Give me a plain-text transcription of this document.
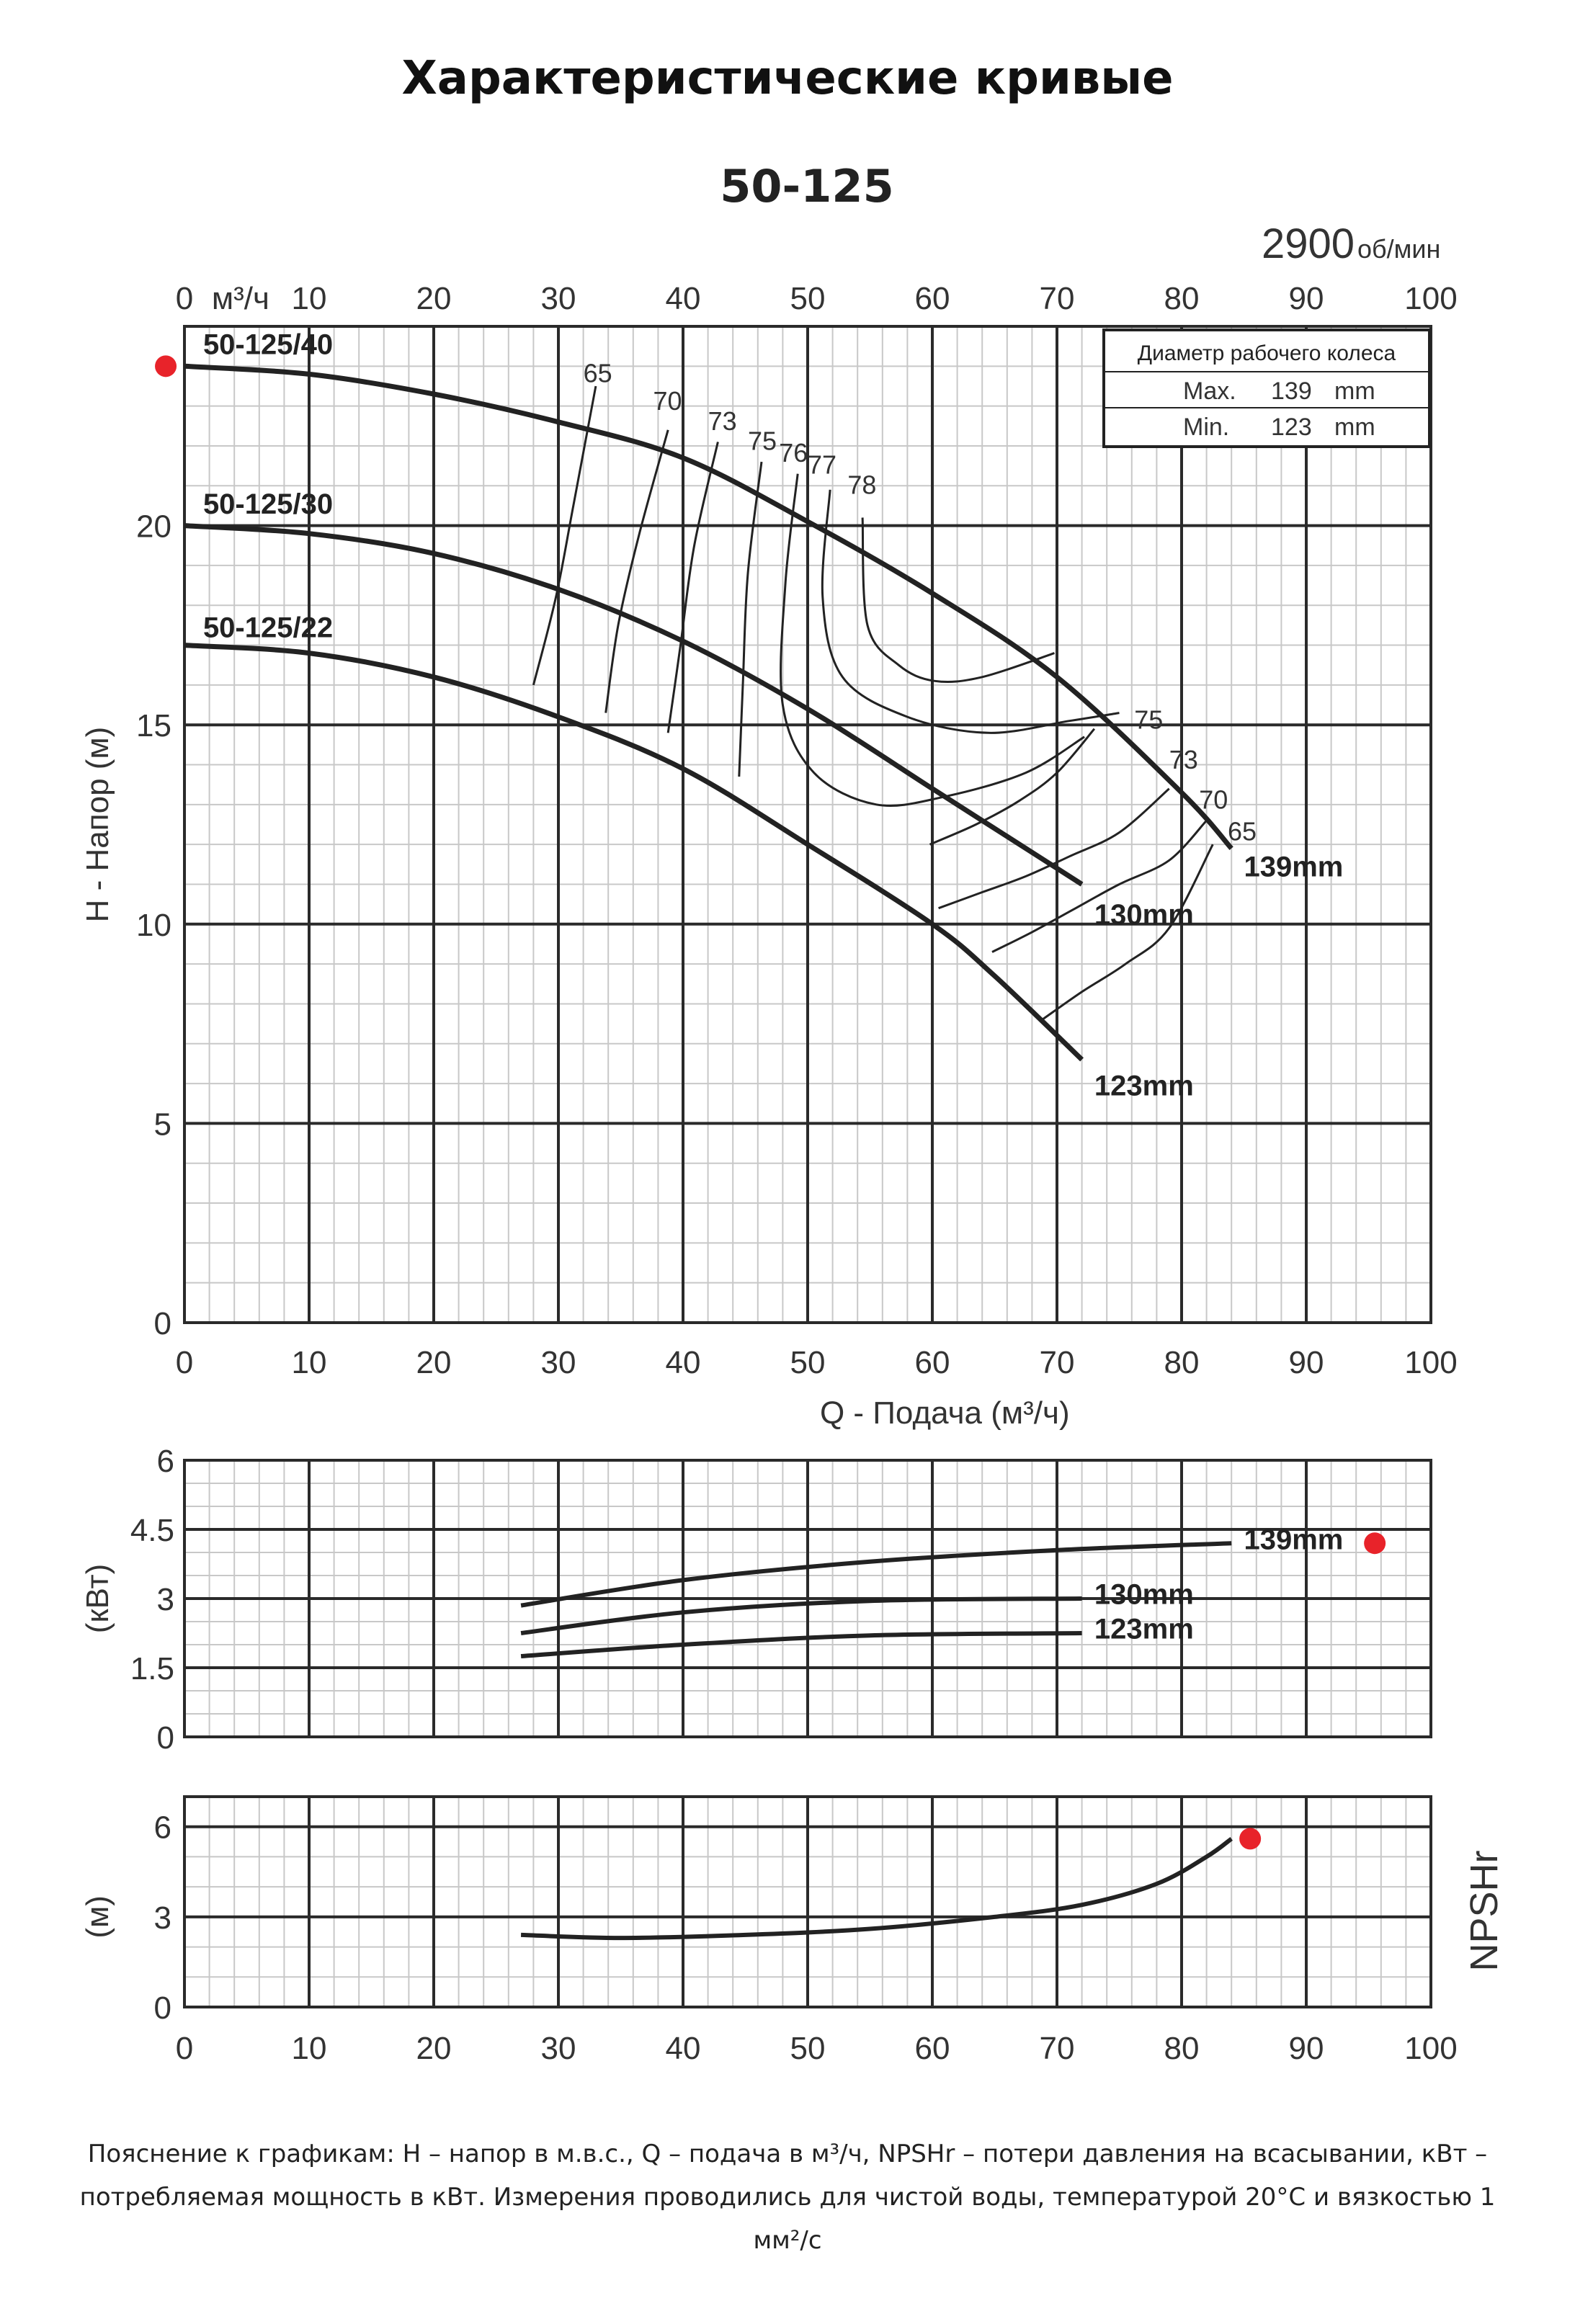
Характеристические кривые
0	10	20	30	40	50	60	70	80	90	100
0	10	20	30	40	50	60	70	80	90	100
м³/ч
0
5
10
15
20
Q - Подача (м³/ч)
H - Напор (м)
50-125
2900 об/мин
Диаметр рабочего колеса
Max. 139 mm
Min. 123 mm
50-125/40
50-125/30
50-125/22
139mm
130mm
123mm
65
70
73
75 76 77
78
75
73
70
65
0
1.5
3
4.5
6
(кВт)
139mm
130mm
123mm
0
3
6
0	10	20	30	40	50	60	70	80	90	100
(м)	NPSHr
Пояснение к графикам: H – напор в м.в.с., Q – подача в м³/ч, NPSHr – потери давления на всасывании, кВт – потребляемая мощность в кВт. Измерения проводились для чистой воды, температурой 20°C и вязкостью 1 мм²/с
